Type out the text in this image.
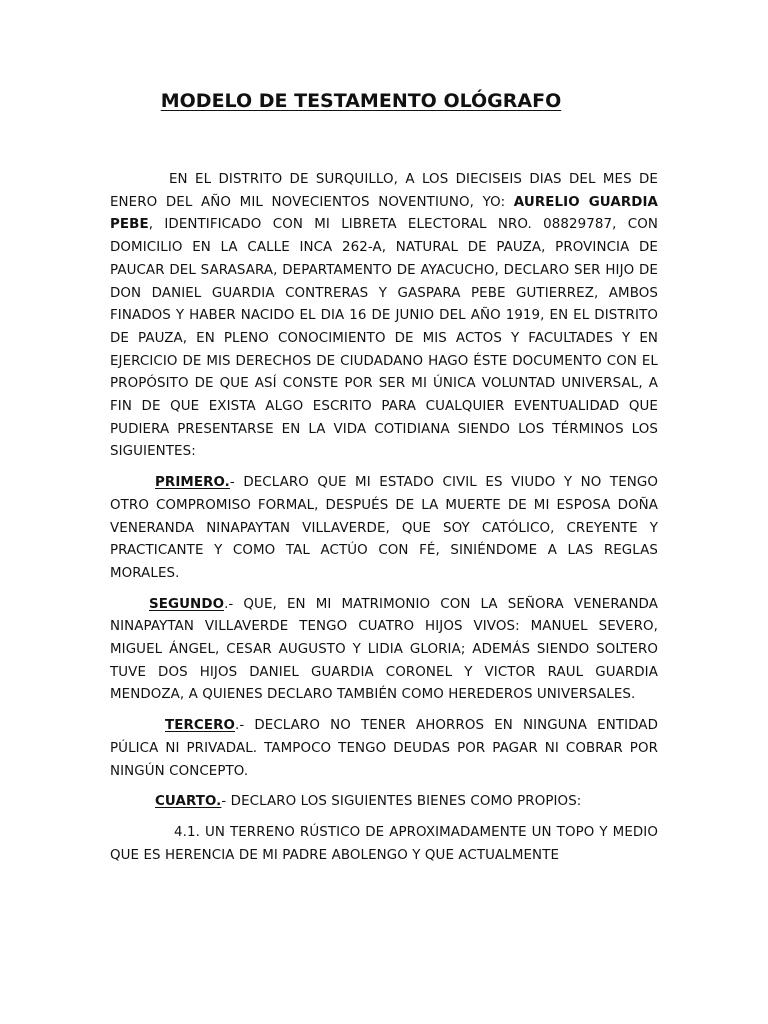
MODELO DE TESTAMENTO OLÓGRAFO

EN EL DISTRITO DE SURQUILLO, A LOS DIECISEIS DIAS DEL MES DE ENERO DEL AÑO MIL NOVECIENTOS NOVENTIUNO, YO: AURELIO GUARDIA PEBE, IDENTIFICADO CON MI LIBRETA ELECTORAL NRO. 08829787, CON DOMICILIO EN LA CALLE INCA 262-A, NATURAL DE PAUZA, PROVINCIA DE PAUCAR DEL SARASARA, DEPARTAMENTO DE AYACUCHO, DECLARO SER HIJO DE DON DANIEL GUARDIA CONTRERAS Y GASPARA PEBE GUTIERREZ, AMBOS FINADOS Y HABER NACIDO EL DIA 16 DE JUNIO DEL AÑO 1919, EN EL DISTRITO DE PAUZA, EN PLENO CONOCIMIENTO DE MIS ACTOS Y FACULTADES Y EN EJERCICIO DE MIS DERECHOS DE CIUDADANO HAGO ÉSTE DOCUMENTO CON EL PROPÓSITO DE QUE ASÍ CONSTE POR SER MI ÚNICA VOLUNTAD UNIVERSAL, A FIN DE QUE EXISTA ALGO ESCRITO PARA CUALQUIER EVENTUALIDAD QUE PUDIERA PRESENTARSE EN LA VIDA COTIDIANA SIENDO LOS TÉRMINOS LOS SIGUIENTES:

PRIMERO.- DECLARO QUE MI ESTADO CIVIL ES VIUDO Y NO TENGO OTRO COMPROMISO FORMAL, DESPUÉS DE LA MUERTE DE MI ESPOSA DOÑA VENERANDA NINAPAYTAN VILLAVERDE, QUE SOY CATÓLICO, CREYENTE Y PRACTICANTE Y COMO TAL ACTÚO CON FÉ, SINIÉNDOME A LAS REGLAS MORALES.

SEGUNDO.- QUE, EN MI MATRIMONIO CON LA SEÑORA VENERANDA NINAPAYTAN VILLAVERDE TENGO CUATRO HIJOS VIVOS: MANUEL SEVERO, MIGUEL ÁNGEL, CESAR AUGUSTO Y LIDIA GLORIA; ADEMÁS SIENDO SOLTERO TUVE DOS HIJOS DANIEL GUARDIA CORONEL Y VICTOR RAUL GUARDIA MENDOZA, A QUIENES DECLARO TAMBIÉN COMO HEREDEROS UNIVERSALES.

TERCERO.- DECLARO NO TENER AHORROS EN NINGUNA ENTIDAD PÚLICA NI PRIVADAL. TAMPOCO TENGO DEUDAS POR PAGAR NI COBRAR POR NINGÚN CONCEPTO.

CUARTO.- DECLARO LOS SIGUIENTES BIENES COMO PROPIOS:

4.1. UN TERRENO RÚSTICO DE APROXIMADAMENTE UN TOPO Y MEDIO QUE ES HERENCIA DE MI PADRE ABOLENGO Y QUE ACTUALMENTE
